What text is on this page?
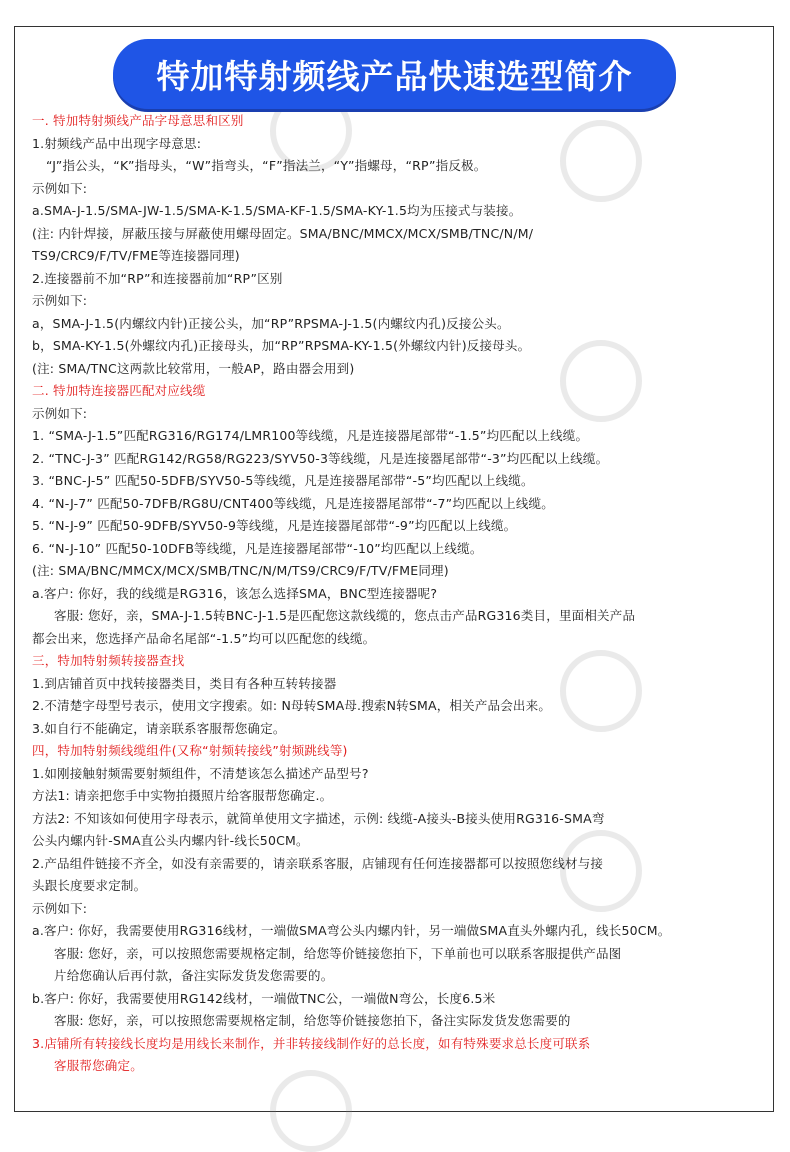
特加特射频线产品快速选型简介
一. 特加特射频线产品字母意思和区别
1.射频线产品中出现字母意思:
“J”指公头，“K”指母头，“W”指弯头，“F”指法兰，“Y”指螺母，“RP”指反极。
示例如下:
a.SMA-J-1.5/SMA-JW-1.5/SMA-K-1.5/SMA-KF-1.5/SMA-KY-1.5均为压接式与装接。
(注: 内针焊接，屏蔽压接与屏蔽使用螺母固定。SMA/BNC/MMCX/MCX/SMB/TNC/N/M/
TS9/CRC9/F/TV/FME等连接器同理)
2.连接器前不加“RP”和连接器前加“RP”区别
示例如下:
a，SMA-J-1.5(内螺纹内针)正接公头，加“RP”RPSMA-J-1.5(内螺纹内孔)反接公头。
b，SMA-KY-1.5(外螺纹内孔)正接母头，加“RP”RPSMA-KY-1.5(外螺纹内针)反接母头。
(注: SMA/TNC这两款比较常用，一般AP，路由器会用到)
二. 特加特连接器匹配对应线缆
示例如下:
1. “SMA-J-1.5”匹配RG316/RG174/LMR100等线缆，凡是连接器尾部带“-1.5”均匹配以上线缆。
2. “TNC-J-3” 匹配RG142/RG58/RG223/SYV50-3等线缆，凡是连接器尾部带“-3”均匹配以上线缆。
3. “BNC-J-5” 匹配50-5DFB/SYV50-5等线缆，凡是连接器尾部带“-5”均匹配以上线缆。
4. “N-J-7” 匹配50-7DFB/RG8U/CNT400等线缆，凡是连接器尾部带“-7”均匹配以上线缆。
5. “N-J-9” 匹配50-9DFB/SYV50-9等线缆，凡是连接器尾部带“-9”均匹配以上线缆。
6. “N-J-10” 匹配50-10DFB等线缆，凡是连接器尾部带“-10”均匹配以上线缆。
(注: SMA/BNC/MMCX/MCX/SMB/TNC/N/M/TS9/CRC9/F/TV/FME同理)
a.客户: 你好，我的线缆是RG316，该怎么选择SMA，BNC型连接器呢?
客服: 您好，亲，SMA-J-1.5转BNC-J-1.5是匹配您这款线缆的，您点击产品RG316类目，里面相关产品
都会出来，您选择产品命名尾部“-1.5”均可以匹配您的线缆。
三，特加特射频转接器查找
1.到店铺首页中找转接器类目，类目有各种互转转接器
2.不清楚字母型号表示，使用文字搜索。如: N母转SMA母.搜索N转SMA，相关产品会出来。
3.如自行不能确定，请亲联系客服帮您确定。
四，特加特射频线缆组件(又称“射频转接线”射频跳线等)
1.如刚接触射频需要射频组件，不清楚该怎么描述产品型号?
方法1: 请亲把您手中实物拍摄照片给客服帮您确定.。
方法2: 不知该如何使用字母表示，就简单使用文字描述，示例: 线缆-A接头-B接头使用RG316-SMA弯
公头内螺内针-SMA直公头内螺内针-线长50CM。
2.产品组件链接不齐全，如没有亲需要的，请亲联系客服，店铺现有任何连接器都可以按照您线材与接
头跟长度要求定制。
示例如下:
a.客户: 你好，我需要使用RG316线材，一端做SMA弯公头内螺内针，另一端做SMA直头外螺内孔，线长50CM。
客服: 您好，亲，可以按照您需要规格定制，给您等价链接您拍下，下单前也可以联系客服提供产品图
片给您确认后再付款，备注实际发货发您需要的。
b.客户: 你好，我需要使用RG142线材，一端做TNC公，一端做N弯公，长度6.5米
客服: 您好，亲，可以按照您需要规格定制，给您等价链接您拍下，备注实际发货发您需要的
3.店铺所有转接线长度均是用线长来制作，并非转接线制作好的总长度，如有特殊要求总长度可联系
客服帮您确定。
